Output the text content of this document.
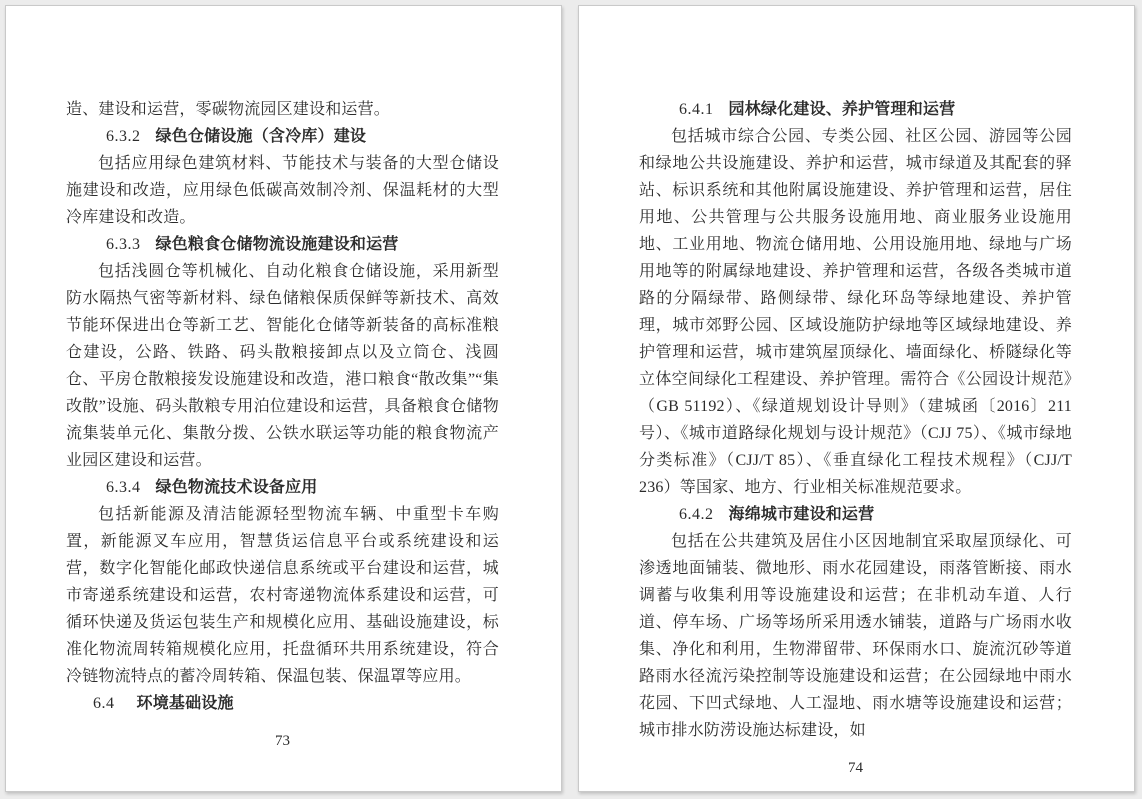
造、建设和运营，零碳物流园区建设和运营。

6.3.2 绿色仓储设施（含冷库）建设

包括应用绿色建筑材料、节能技术与装备的大型仓储设施建设和改造，应用绿色低碳高效制冷剂、保温耗材的大型冷库建设和改造。

6.3.3 绿色粮食仓储物流设施建设和运营

包括浅圆仓等机械化、自动化粮食仓储设施，采用新型防水隔热气密等新材料、绿色储粮保质保鲜等新技术、高效节能环保进出仓等新工艺、智能化仓储等新装备的高标准粮仓建设，公路、铁路、码头散粮接卸点以及立筒仓、浅圆仓、平房仓散粮接发设施建设和改造，港口粮食“散改集”“集改散”设施、码头散粮专用泊位建设和运营，具备粮食仓储物流集装单元化、集散分拨、公铁水联运等功能的粮食物流产业园区建设和运营。

6.3.4 绿色物流技术设备应用

包括新能源及清洁能源轻型物流车辆、中重型卡车购置，新能源叉车应用，智慧货运信息平台或系统建设和运营，数字化智能化邮政快递信息系统或平台建设和运营，城市寄递系统建设和运营，农村寄递物流体系建设和运营，可循环快递及货运包装生产和规模化应用、基础设施建设，标准化物流周转箱规模化应用，托盘循环共用系统建设，符合冷链物流特点的蓄冷周转箱、保温包装、保温罩等应用。

6.4 环境基础设施

73

6.4.1 园林绿化建设、养护管理和运营

包括城市综合公园、专类公园、社区公园、游园等公园和绿地公共设施建设、养护和运营，城市绿道及其配套的驿站、标识系统和其他附属设施建设、养护管理和运营，居住用地、公共管理与公共服务设施用地、商业服务业设施用地、工业用地、物流仓储用地、公用设施用地、绿地与广场用地等的附属绿地建设、养护管理和运营，各级各类城市道路的分隔绿带、路侧绿带、绿化环岛等绿地建设、养护管理，城市郊野公园、区域设施防护绿地等区域绿地建设、养护管理和运营，城市建筑屋顶绿化、墙面绿化、桥隧绿化等立体空间绿化工程建设、养护管理。需符合《公园设计规范》（GB 51192）、《绿道规划设计导则》（建城函〔2016〕211 号）、《城市道路绿化规划与设计规范》（CJJ 75）、《城市绿地分类标准》（CJJ/T 85）、《垂直绿化工程技术规程》（CJJ/T 236）等国家、地方、行业相关标准规范要求。

6.4.2 海绵城市建设和运营

包括在公共建筑及居住小区因地制宜采取屋顶绿化、可渗透地面铺装、微地形、雨水花园建设，雨落管断接、雨水调蓄与收集利用等设施建设和运营；在非机动车道、人行道、停车场、广场等场所采用透水铺装，道路与广场雨水收集、净化和利用，生物滞留带、环保雨水口、旋流沉砂等道路雨水径流污染控制等设施建设和运营；在公园绿地中雨水花园、下凹式绿地、人工湿地、雨水塘等设施建设和运营；城市排水防涝设施达标建设，如

74
